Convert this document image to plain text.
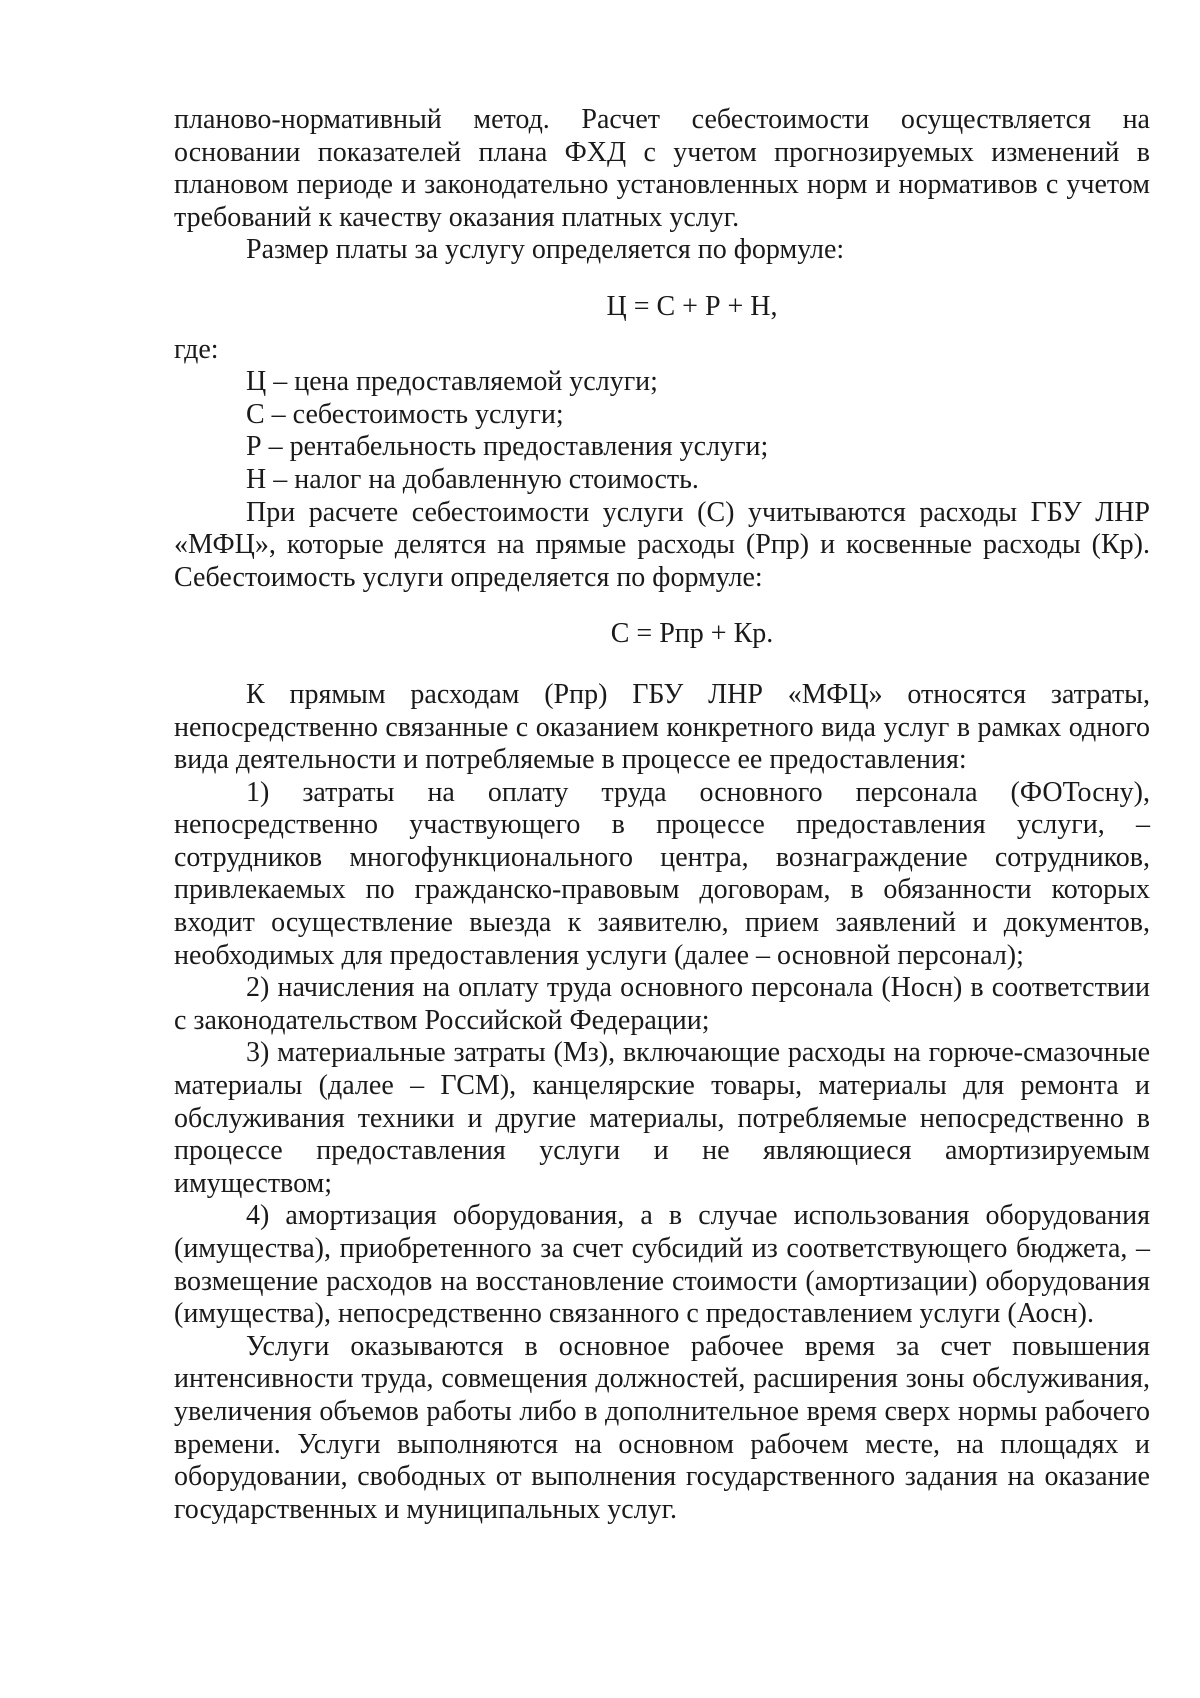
планово-нормативный метод. Расчет себестоимости осуществляется на основании показателей плана ФХД с учетом прогнозируемых изменений в плановом периоде и законодательно установленных норм и нормативов с учетом требований к качеству оказания платных услуг.

Размер платы за услугу определяется по формуле:

Ц = С + Р + Н,

где:

Ц – цена предоставляемой услуги;

С – себестоимость услуги;

Р – рентабельность предоставления услуги;

Н – налог на добавленную стоимость.

При расчете себестоимости услуги (С) учитываются расходы ГБУ ЛНР «МФЦ», которые делятся на прямые расходы (Рпр) и косвенные расходы (Кр). Себестоимость услуги определяется по формуле:

С = Рпр + Кр.

К прямым расходам (Рпр) ГБУ ЛНР «МФЦ» относятся затраты, непосредственно связанные с оказанием конкретного вида услуг в рамках одного вида деятельности и потребляемые в процессе ее предоставления:

1) затраты на оплату труда основного персонала (ФОТосну), непосредственно участвующего в процессе предоставления услуги, – сотрудников многофункционального центра, вознаграждение сотрудников, привлекаемых по гражданско-правовым договорам, в обязанности которых входит осуществление выезда к заявителю, прием заявлений и документов, необходимых для предоставления услуги (далее – основной персонал);

2) начисления на оплату труда основного персонала (Носн) в соответствии с законодательством Российской Федерации;

3) материальные затраты (Мз), включающие расходы на горюче-смазочные материалы (далее – ГСМ), канцелярские товары, материалы для ремонта и обслуживания техники и другие материалы, потребляемые непосредственно в процессе предоставления услуги и не являющиеся амортизируемым имуществом;

4) амортизация оборудования, а в случае использования оборудования (имущества), приобретенного за счет субсидий из соответствующего бюджета, – возмещение расходов на восстановление стоимости (амортизации) оборудования (имущества), непосредственно связанного с предоставлением услуги (Аосн).

Услуги оказываются в основное рабочее время за счет повышения интенсивности труда, совмещения должностей, расширения зоны обслуживания, увеличения объемов работы либо в дополнительное время сверх нормы рабочего времени. Услуги выполняются на основном рабочем месте, на площадях и оборудовании, свободных от выполнения государственного задания на оказание государственных и муниципальных услуг.
